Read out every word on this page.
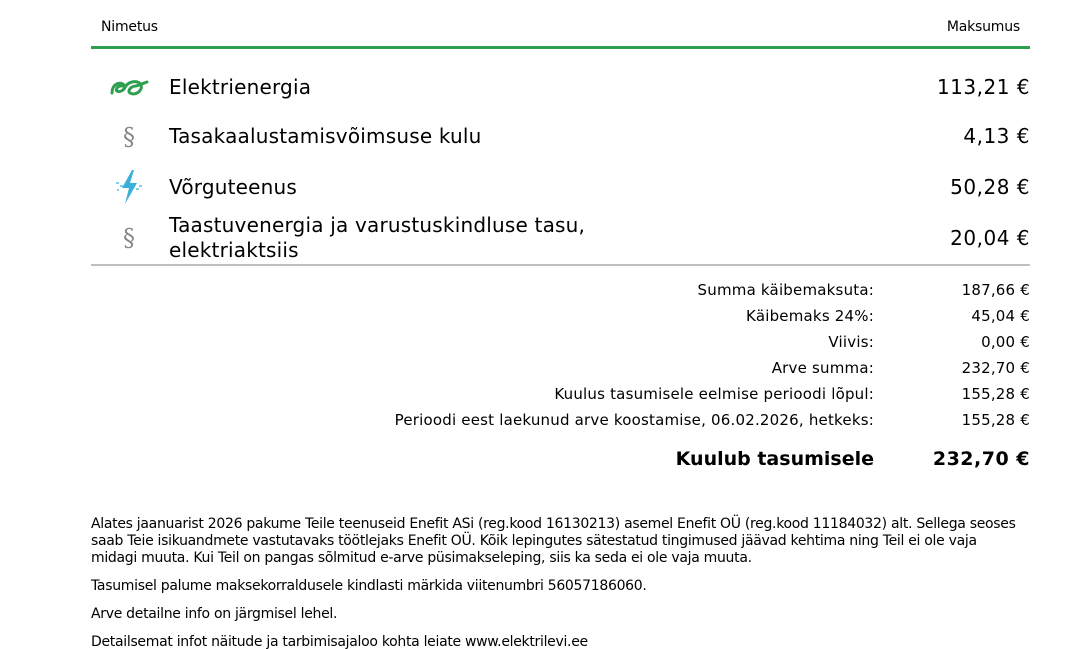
Nimetus	Maksumus
Elektrienergia	113,21 €
§ Tasakaalustamisvõimsuse kulu	4,13 €
Võrguteenus	50,28 €
§ Taastuvenergia ja varustuskindluse tasu,
elektriaktsiis	20,04 €
Summa käibemaksuta:	187,66 €
Käibemaks 24%:	45,04 €
Viivis:	0,00 €
Arve summa:	232,70 €
Kuulus tasumisele eelmise perioodi lõpul:	155,28 €
Perioodi eest laekunud arve koostamise, 06.02.2026, hetkeks:	155,28 €
Kuulub tasumisele	232,70 €

Alates jaanuarist 2026 pakume Teile teenuseid Enefit ASi (reg.kood 16130213) asemel Enefit OÜ (reg.kood 11184032) alt. Sellega seoses saab Teie isikuandmete vastutavaks töötlejaks Enefit OÜ. Kõik lepingutes sätestatud tingimused jäävad kehtima ning Teil ei ole vaja midagi muuta. Kui Teil on pangas sõlmitud e-arve püsimakseleping, siis ka seda ei ole vaja muuta.

Tasumisel palume maksekorraldusele kindlasti märkida viitenumbri 56057186060.

Arve detailne info on järgmisel lehel.

Detailsemat infot näitude ja tarbimisajaloo kohta leiate www.elektrilevi.ee
